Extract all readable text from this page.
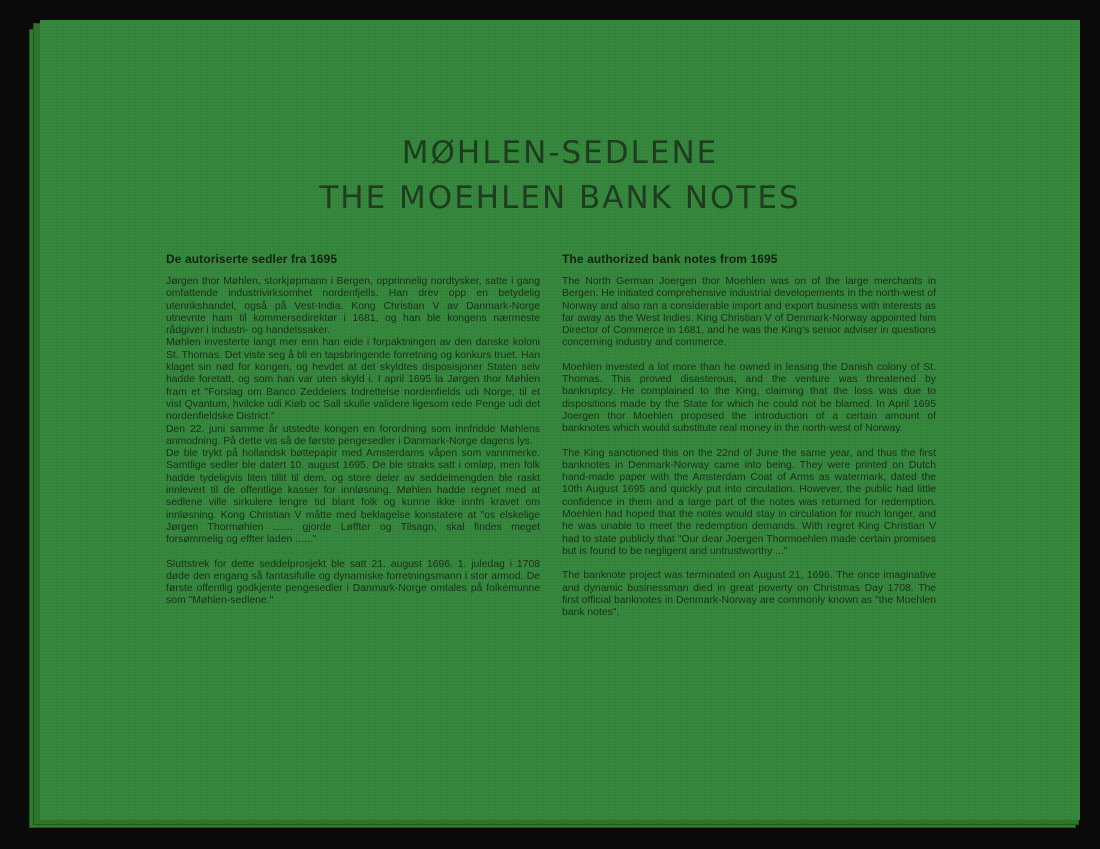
MØHLEN-SEDLENE
THE MOEHLEN BANK NOTES
De autoriserte sedler fra 1695

Jørgen thor Møhlen, storkjøpmann i Bergen, opprinnelig nordtysker, satte i gang omfattende industrivirksomhet nordenfjells. Han drev opp en betydelig utenrikshandel, også på Vest-India. Kong Christian V av Danmark-Norge utnevnte ham til kommersedirektør i 1681, og han ble kongens nærmeste rådgiver i industri- og handelssaker.

Møhlen investerte langt mer enn han eide i forpaktningen av den danske koloni St. Thomas. Det viste seg å bli en tapsbringende forretning og konkurs truet. Han klaget sin nød for kongen, og hevdet at det skyldtes disposisjoner Staten selv hadde foretatt, og som han var uten skyld i. I april 1695 la Jørgen thor Møhlen fram et "Forslag om Banco Zeddelers Indrettelse nordenfields udi Norge, til et vist Qvantum, hvilcke udi Kiøb oc Sall skulle validere ligesom rede Penge udi det nordenfieldske District."

Den 22. juni samme år utstedte kongen en forordning som innfridde Møhlens anmodning. På dette vis så de første pengesedler i Danmark-Norge dagens lys.

De ble trykt på hollandsk bøttepapir med Amsterdams våpen som vannmerke. Samtlige sedler ble datert 10. august 1695. De ble straks satt i omløp, men folk hadde tydeligvis liten tillit til dem, og store deler av seddelmengden ble raskt innlevert til de offentlige kasser for innløsning. Møhlen hadde regnet med at sedlene ville sirkulere lengre tid blant folk og kunne ikke innfri kravet om innløsning. Kong Christian V måtte med beklagelse konstatere at "os elskelige Jørgen Thormøhlen ....... gjorde Løffter og Tilsagn, skal findes meget forsømmelig og effter laden ......"

Sluttstrek for dette seddelprosjekt ble satt 21. august 1696. 1. juledag i 1708 døde den engang så fantasifulle og dynamiske forretningsmann i stor armod. De første offentlig godkjente pengesedler i Danmark-Norge omtales på folkemunne som "Møhlen-sedlene."

The authorized bank notes from 1695

The North German Joergen thor Moehlen was on of the large merchants in Bergen. He initiated comprehensive industrial developements in the north-west of Norway and also ran a considerable import and export business with interests as far away as the West Indies. King Christian V of Denmark-Norway appointed him Director of Commerce in 1681, and he was the King's senior adviser in questions concerning industry and commerce.

Moehlen invested a lot more than he owned in leasing the Danish colony of St. Thomas. This proved disasterous, and the venture was threatened by bankruptcy. He complained to the King, claiming that the loss was due to dispositions made by the State for which he could not be blamed. In April 1695 Joergen thor Moehlen proposed the introduction of a certain amount of banknotes which would substitute real money in the north-west of Norway.

The King sanctioned this on the 22nd of June the same year, and thus the first banknotes in Denmark-Norway came into being. They were printed on Dutch hand-made paper with the Amsterdam Coat of Arms as watermark, dated the 10th August 1695 and quickly put into circulation. However, the public had little confidence in them and a large part of the notes was returned for redemption. Moehlen had hoped that the notes would stay in circulation for much longer, and he was unable to meet the redemption demands. With regret King Christian V had to state publicly that "Our dear Joergen Thormoehlen made certain promises but is found to be negligent and untrustworthy ..."

The banknote project was terminated on August 21, 1696. The once imaginative and dynamic businessman died in great poverty on Christmas Day 1708. The first official banknotes in Denmark-Norway are commonly known as "the Moehlen bank notes".
